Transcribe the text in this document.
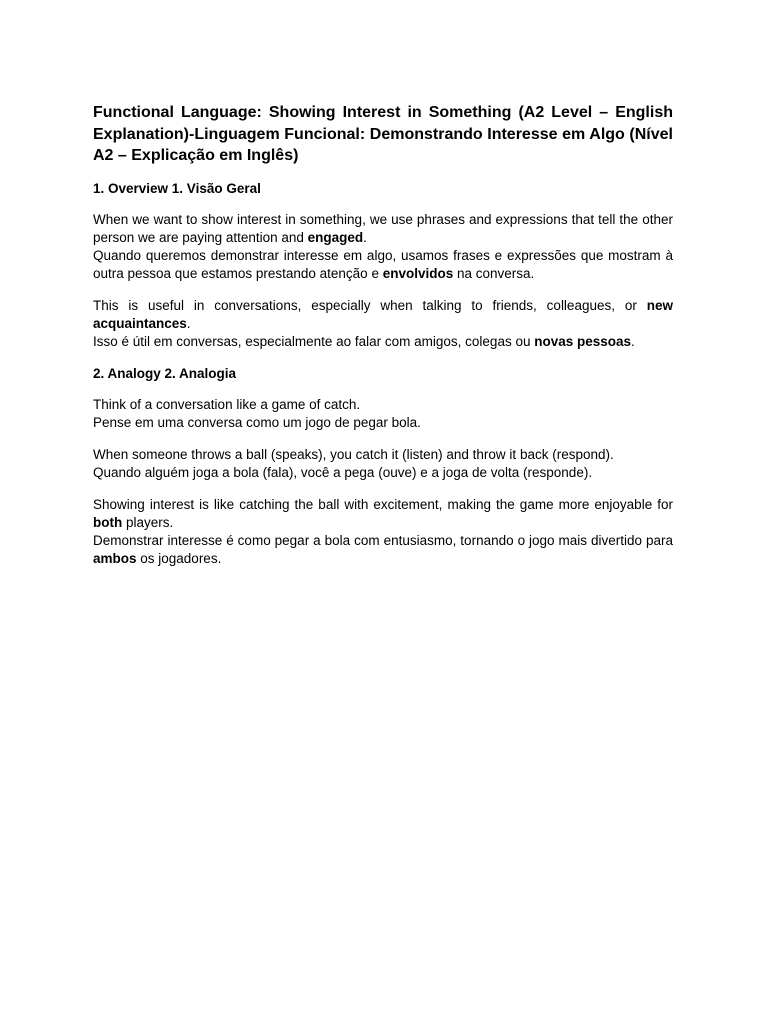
Functional Language: Showing Interest in Something (A2 Level – English Explanation)-Linguagem Funcional: Demonstrando Interesse em Algo (Nível A2 – Explicação em Inglês)
1. Overview 1. Visão Geral
When we want to show interest in something, we use phrases and expressions that tell the other person we are paying attention and engaged.
Quando queremos demonstrar interesse em algo, usamos frases e expressões que mostram à outra pessoa que estamos prestando atenção e envolvidos na conversa.
This is useful in conversations, especially when talking to friends, colleagues, or new acquaintances.
Isso é útil em conversas, especialmente ao falar com amigos, colegas ou novas pessoas.
2. Analogy 2. Analogia
Think of a conversation like a game of catch.
Pense em uma conversa como um jogo de pegar bola.
When someone throws a ball (speaks), you catch it (listen) and throw it back (respond).
Quando alguém joga a bola (fala), você a pega (ouve) e a joga de volta (responde).
Showing interest is like catching the ball with excitement, making the game more enjoyable for both players.
Demonstrar interesse é como pegar a bola com entusiasmo, tornando o jogo mais divertido para ambos os jogadores.
